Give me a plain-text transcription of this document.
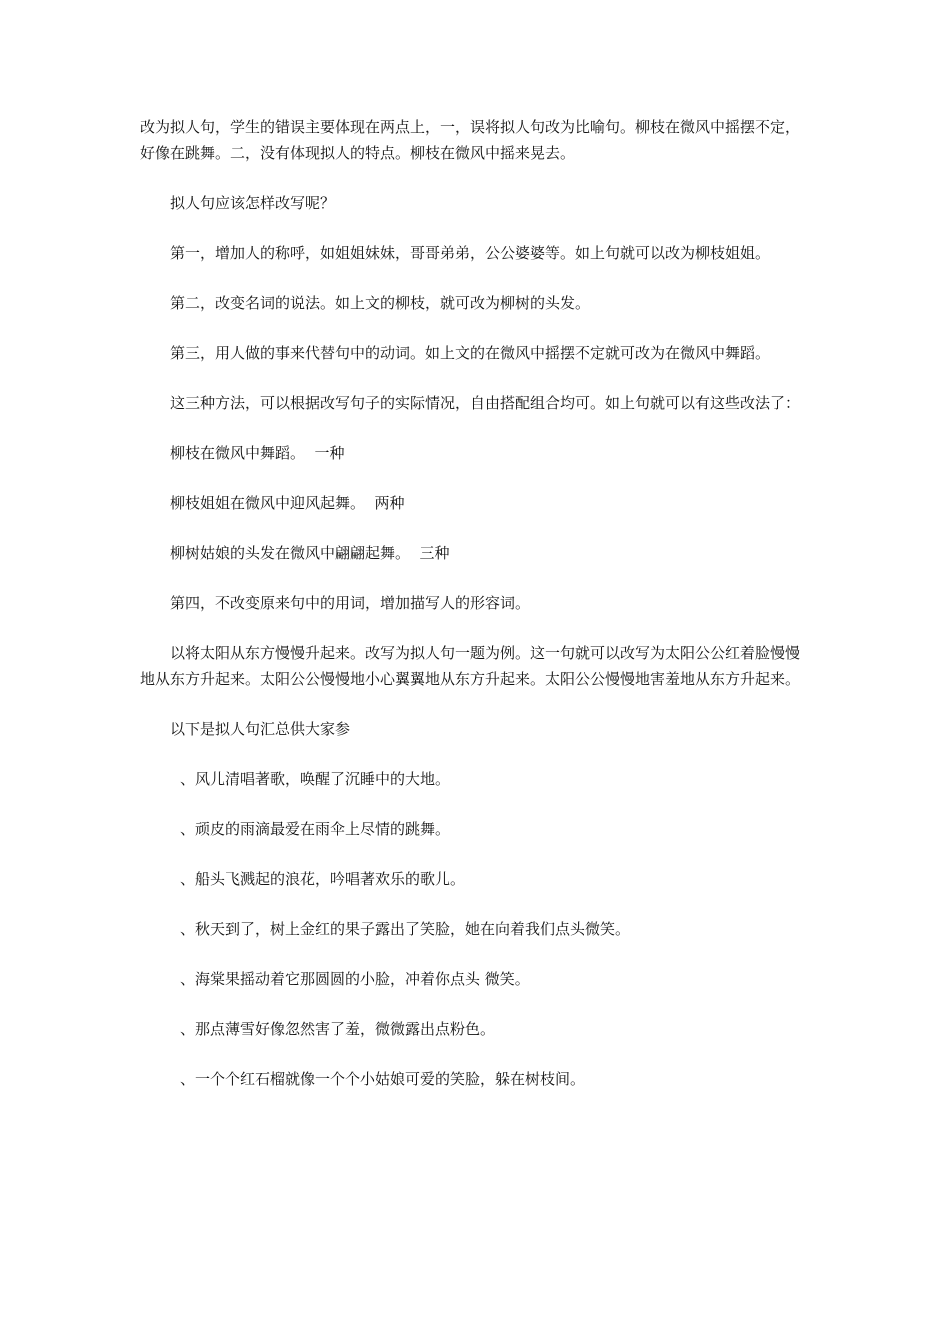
改为拟人句，学生的错误主要体现在两点上，一，误将拟人句改为比喻句。柳枝在微风中摇摆不定，好像在跳舞。二，没有体现拟人的特点。柳枝在微风中摇来晃去。

拟人句应该怎样改写呢？

第一，增加人的称呼，如姐姐妹妹，哥哥弟弟，公公婆婆等。如上句就可以改为柳枝姐姐。

第二，改变名词的说法。如上文的柳枝，就可改为柳树的头发。

第三，用人做的事来代替句中的动词。如上文的在微风中摇摆不定就可改为在微风中舞蹈。

这三种方法，可以根据改写句子的实际情况，自由搭配组合均可。如上句就可以有这些改法了：

柳枝在微风中舞蹈。  一种

柳枝姐姐在微风中迎风起舞。  两种

柳树姑娘的头发在微风中翩翩起舞。  三种

第四，不改变原来句中的用词，增加描写人的形容词。

以将太阳从东方慢慢升起来。改写为拟人句一题为例。这一句就可以改写为太阳公公红着脸慢慢地从东方升起来。太阳公公慢慢地小心翼翼地从东方升起来。太阳公公慢慢地害羞地从东方升起来。

以下是拟人句汇总供大家参

、风儿清唱著歌，唤醒了沉睡中的大地。

、顽皮的雨滴最爱在雨伞上尽情的跳舞。

、船头飞溅起的浪花，吟唱著欢乐的歌儿。

、秋天到了，树上金红的果子露出了笑脸，她在向着我们点头微笑。

、海棠果摇动着它那圆圆的小脸，冲着你点头 微笑。

、那点薄雪好像忽然害了羞，微微露出点粉色。

、一个个红石榴就像一个个小姑娘可爱的笑脸，躲在树枝间。
